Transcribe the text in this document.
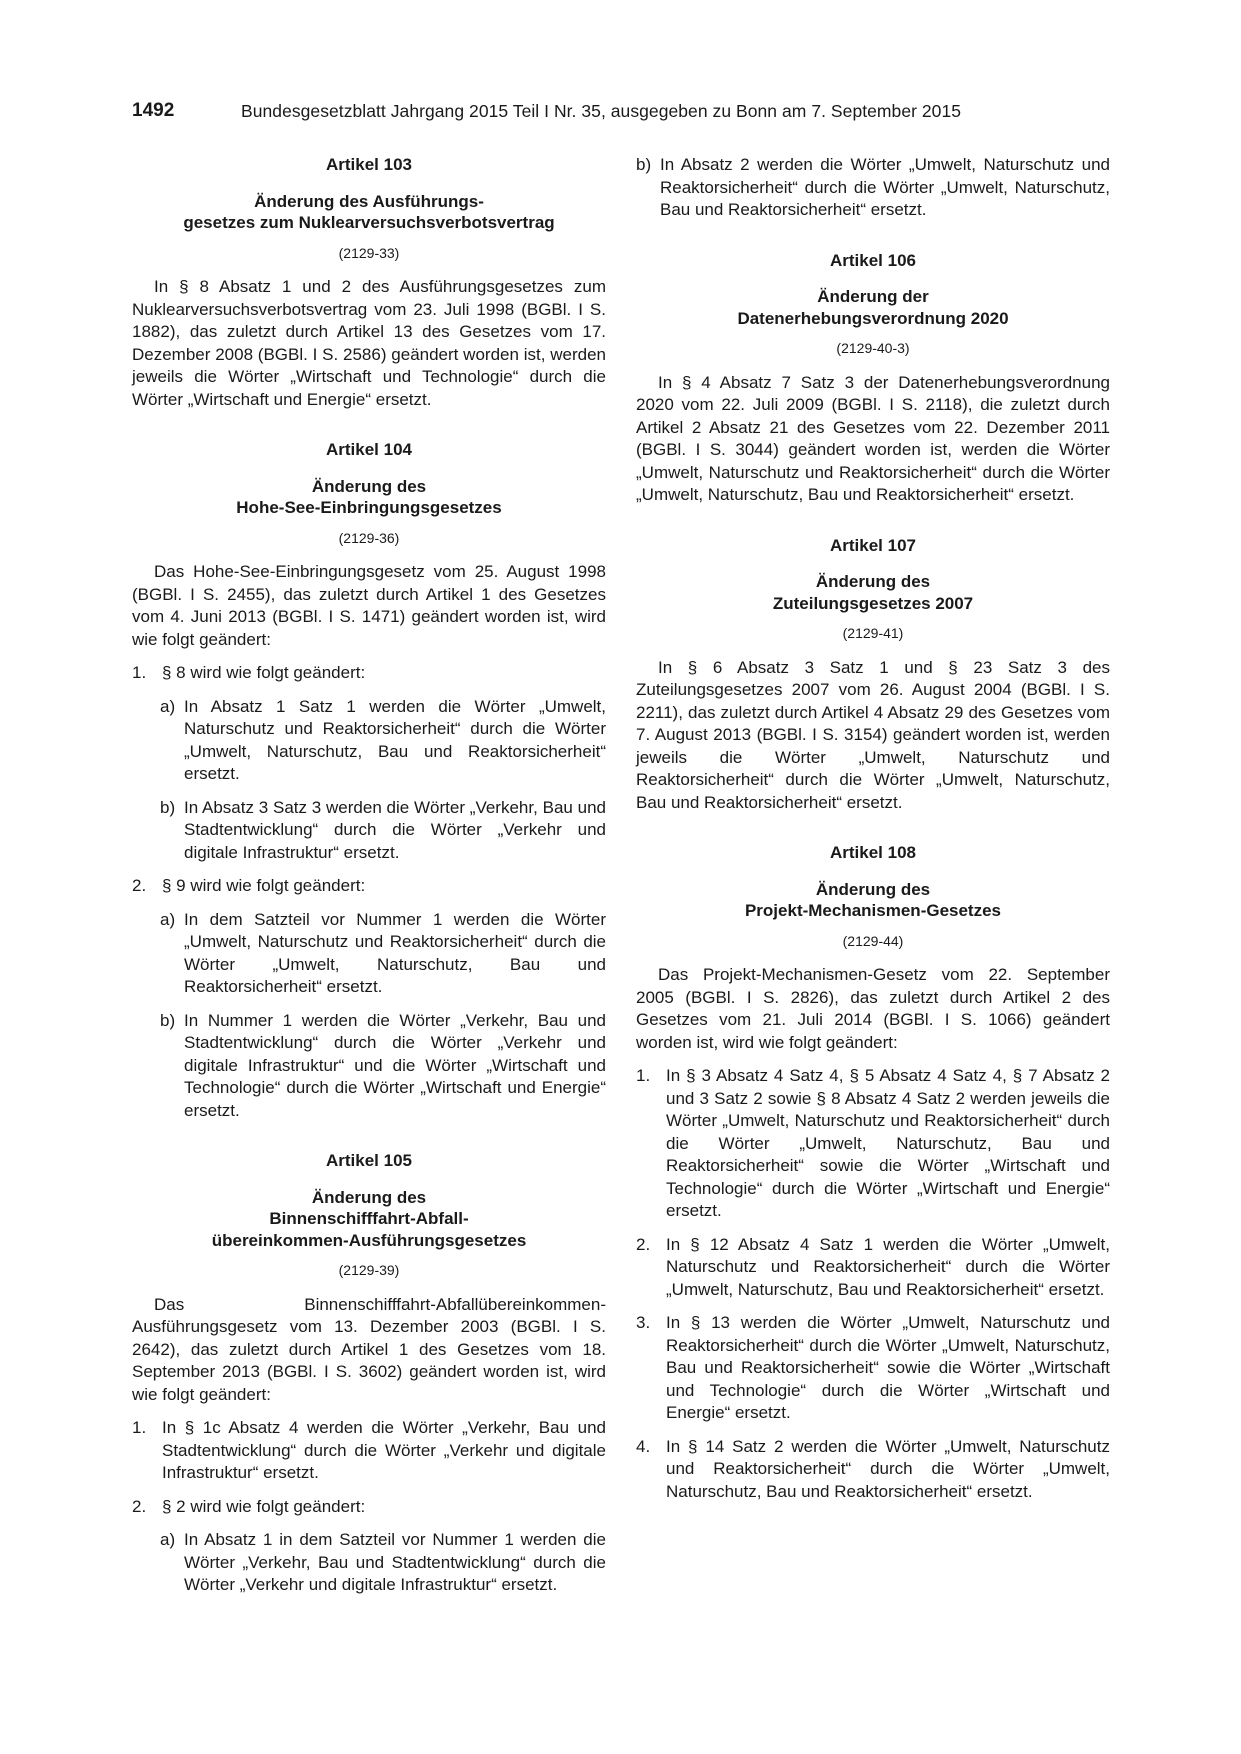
1492	Bundesgesetzblatt Jahrgang 2015 Teil I Nr. 35, ausgegeben zu Bonn am 7. September 2015
Artikel 103
Änderung des Ausführungs-
gesetzes zum Nuklearversuchsverbotsvertrag
(2129-33)

In § 8 Absatz 1 und 2 des Ausführungsgesetzes zum Nuklearversuchsverbotsvertrag vom 23. Juli 1998 (BGBl. I S. 1882), das zuletzt durch Artikel 13 des Gesetzes vom 17. Dezember 2008 (BGBl. I S. 2586) geändert worden ist, werden jeweils die Wörter „Wirtschaft und Technologie“ durch die Wörter „Wirtschaft und Energie“ ersetzt.

Artikel 104
Änderung des
Hohe-See-Einbringungsgesetzes
(2129-36)

Das Hohe-See-Einbringungsgesetz vom 25. August 1998 (BGBl. I S. 2455), das zuletzt durch Artikel 1 des Gesetzes vom 4. Juni 2013 (BGBl. I S. 1471) geändert worden ist, wird wie folgt geändert:

1. § 8 wird wie folgt geändert:
a) In Absatz 1 Satz 1 werden die Wörter „Umwelt, Naturschutz und Reaktorsicherheit“ durch die Wörter „Umwelt, Naturschutz, Bau und Reaktorsicherheit“ ersetzt.
b) In Absatz 3 Satz 3 werden die Wörter „Verkehr, Bau und Stadtentwicklung“ durch die Wörter „Verkehr und digitale Infrastruktur“ ersetzt.
2. § 9 wird wie folgt geändert:
a) In dem Satzteil vor Nummer 1 werden die Wörter „Umwelt, Naturschutz und Reaktorsicherheit“ durch die Wörter „Umwelt, Naturschutz, Bau und Reaktorsicherheit“ ersetzt.
b) In Nummer 1 werden die Wörter „Verkehr, Bau und Stadtentwicklung“ durch die Wörter „Verkehr und digitale Infrastruktur“ und die Wörter „Wirtschaft und Technologie“ durch die Wörter „Wirtschaft und Energie“ ersetzt.
Artikel 105
Änderung des
Binnenschifffahrt-Abfall-
übereinkommen-Ausführungsgesetzes
(2129-39)

Das Binnenschifffahrt-Abfallübereinkommen-Ausführungsgesetz vom 13. Dezember 2003 (BGBl. I S. 2642), das zuletzt durch Artikel 1 des Gesetzes vom 18. September 2013 (BGBl. I S. 3602) geändert worden ist, wird wie folgt geändert:

1. In § 1c Absatz 4 werden die Wörter „Verkehr, Bau und Stadtentwicklung“ durch die Wörter „Verkehr und digitale Infrastruktur“ ersetzt.
2. § 2 wird wie folgt geändert:
a) In Absatz 1 in dem Satzteil vor Nummer 1 werden die Wörter „Verkehr, Bau und Stadtentwicklung“ durch die Wörter „Verkehr und digitale Infrastruktur“ ersetzt.
b) In Absatz 2 werden die Wörter „Umwelt, Naturschutz und Reaktorsicherheit“ durch die Wörter „Umwelt, Naturschutz, Bau und Reaktorsicherheit“ ersetzt.
Artikel 106
Änderung der
Datenerhebungsverordnung 2020
(2129-40-3)

In § 4 Absatz 7 Satz 3 der Datenerhebungsverordnung 2020 vom 22. Juli 2009 (BGBl. I S. 2118), die zuletzt durch Artikel 2 Absatz 21 des Gesetzes vom 22. Dezember 2011 (BGBl. I S. 3044) geändert worden ist, werden die Wörter „Umwelt, Naturschutz und Reaktorsicherheit“ durch die Wörter „Umwelt, Naturschutz, Bau und Reaktorsicherheit“ ersetzt.

Artikel 107
Änderung des
Zuteilungsgesetzes 2007
(2129-41)

In § 6 Absatz 3 Satz 1 und § 23 Satz 3 des Zuteilungsgesetzes 2007 vom 26. August 2004 (BGBl. I S. 2211), das zuletzt durch Artikel 4 Absatz 29 des Gesetzes vom 7. August 2013 (BGBl. I S. 3154) geändert worden ist, werden jeweils die Wörter „Umwelt, Naturschutz und Reaktorsicherheit“ durch die Wörter „Umwelt, Naturschutz, Bau und Reaktorsicherheit“ ersetzt.

Artikel 108
Änderung des
Projekt-Mechanismen-Gesetzes
(2129-44)

Das Projekt-Mechanismen-Gesetz vom 22. September 2005 (BGBl. I S. 2826), das zuletzt durch Artikel 2 des Gesetzes vom 21. Juli 2014 (BGBl. I S. 1066) geändert worden ist, wird wie folgt geändert:

1. In § 3 Absatz 4 Satz 4, § 5 Absatz 4 Satz 4, § 7 Absatz 2 und 3 Satz 2 sowie § 8 Absatz 4 Satz 2 werden jeweils die Wörter „Umwelt, Naturschutz und Reaktorsicherheit“ durch die Wörter „Umwelt, Naturschutz, Bau und Reaktorsicherheit“ sowie die Wörter „Wirtschaft und Technologie“ durch die Wörter „Wirtschaft und Energie“ ersetzt.
2. In § 12 Absatz 4 Satz 1 werden die Wörter „Umwelt, Naturschutz und Reaktorsicherheit“ durch die Wörter „Umwelt, Naturschutz, Bau und Reaktorsicherheit“ ersetzt.
3. In § 13 werden die Wörter „Umwelt, Naturschutz und Reaktorsicherheit“ durch die Wörter „Umwelt, Naturschutz, Bau und Reaktorsicherheit“ sowie die Wörter „Wirtschaft und Technologie“ durch die Wörter „Wirtschaft und Energie“ ersetzt.
4. In § 14 Satz 2 werden die Wörter „Umwelt, Naturschutz und Reaktorsicherheit“ durch die Wörter „Umwelt, Naturschutz, Bau und Reaktorsicherheit“ ersetzt.
